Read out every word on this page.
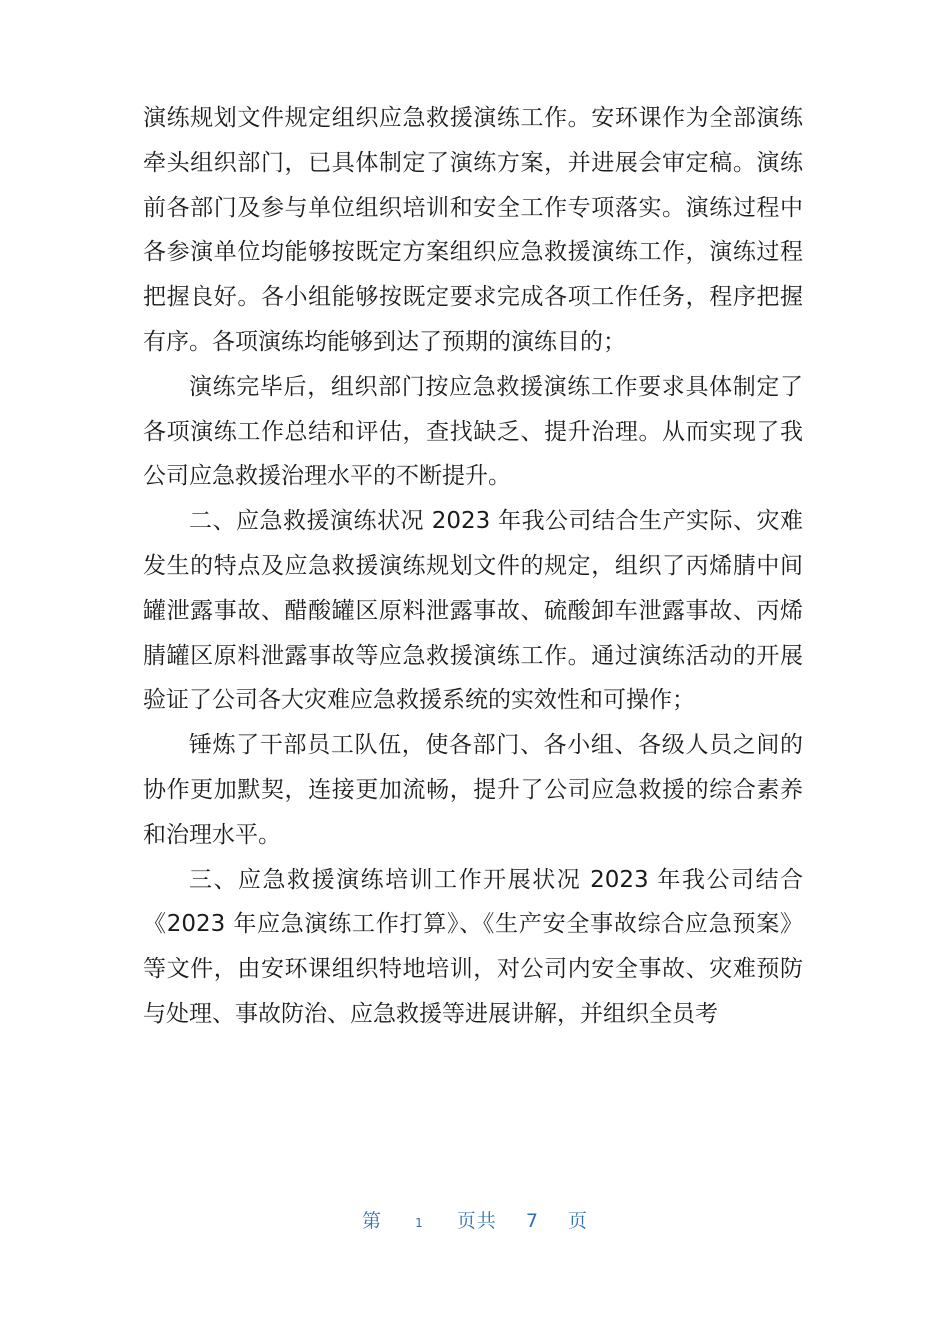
演练规划文件规定组织应急救援演练工作。安环课作为全部演练牵头组织部门，已具体制定了演练方案，并进展会审定稿。演练前各部门及参与单位组织培训和安全工作专项落实。演练过程中各参演单位均能够按既定方案组织应急救援演练工作，演练过程把握良好。各小组能够按既定要求完成各项工作任务，程序把握有序。各项演练均能够到达了预期的演练目的；

演练完毕后，组织部门按应急救援演练工作要求具体制定了各项演练工作总结和评估，查找缺乏、提升治理。从而实现了我公司应急救援治理水平的不断提升。

二、应急救援演练状况 2023 年我公司结合生产实际、灾难发生的特点及应急救援演练规划文件的规定，组织了丙烯腈中间罐泄露事故、醋酸罐区原料泄露事故、硫酸卸车泄露事故、丙烯腈罐区原料泄露事故等应急救援演练工作。通过演练活动的开展验证了公司各大灾难应急救援系统的实效性和可操作；

锤炼了干部员工队伍，使各部门、各小组、各级人员之间的协作更加默契，连接更加流畅，提升了公司应急救援的综合素养和治理水平。

三、应急救援演练培训工作开展状况 2023 年我公司结合《2023 年应急演练工作打算》、《生产安全事故综合应急预案》等文件，由安环课组织特地培训，对公司内安全事故、灾难预防与处理、事故防治、应急救援等进展讲解，并组织全员考

第	1 页共 7 页
